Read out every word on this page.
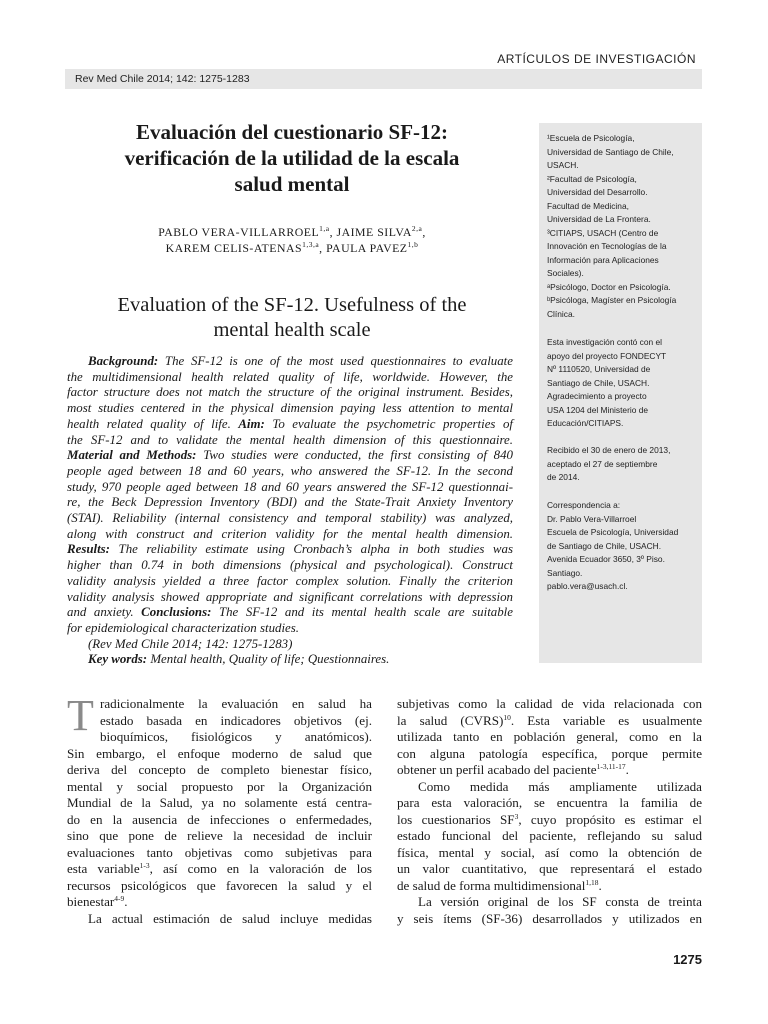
ARTÍCULOS DE INVESTIGACIÓN
Rev Med Chile 2014; 142: 1275-1283
¹Escuela de Psicología,
Universidad de Santiago de Chile,
USACH.
²Facultad de Psicología,
Universidad del Desarrollo.
Facultad de Medicina,
Universidad de La Frontera.
³CITIAPS, USACH (Centro de
Innovación en Tecnologías de la
Información para Aplicaciones
Sociales).
ᵃPsicólogo, Doctor en Psicología.
ᵇPsicóloga, Magíster en Psicología
Clínica.
Esta investigación contó con el
apoyo del proyecto FONDECYT
Nº 1110520, Universidad de
Santiago de Chile, USACH.
Agradecimiento a proyecto
USA 1204 del Ministerio de
Educación/CITIAPS.
Recibido el 30 de enero de 2013,
aceptado el 27 de septiembre
de 2014.
Correspondencia a:
Dr. Pablo Vera-Villarroel
Escuela de Psicología, Universidad
de Santiago de Chile, USACH.
Avenida Ecuador 3650, 3º Piso.
Santiago.
pablo.vera@usach.cl.
Evaluación del cuestionario SF-12:
verificación de la utilidad de la escala
salud mental
PABLO VERA-VILLARROEL$^{1,a}$, JAIME SILVA$^{2,a}$,
KAREM CELIS-ATENAS$^{1,3,a}$, PAULA PAVEZ$^{1,b}$
Evaluation of the SF-12. Usefulness of the
mental health scale
Background: The SF-12 is one of the most used questionnaires to evaluate
the multidimensional health related quality of life, worldwide. However, the
factor structure does not match the structure of the original instrument. Besides,
most studies centered in the physical dimension paying less attention to mental
health related quality of life. Aim: To evaluate the psychometric properties of
the SF-12 and to validate the mental health dimension of this questionnaire.
Material and Methods: Two studies were conducted, the first consisting of 840
people aged between 18 and 60 years, who answered the SF-12. In the second
study, 970 people aged between 18 and 60 years answered the SF-12 questionnai-
re, the Beck Depression Inventory (BDI) and the State-Trait Anxiety Inventory
(STAI). Reliability (internal consistency and temporal stability) was analyzed,
along with construct and criterion validity for the mental health dimension.
Results: The reliability estimate using Cronbach’s alpha in both studies was
higher than 0.74 in both dimensions (physical and psychological). Construct
validity analysis yielded a three factor complex solution. Finally the criterion
validity analysis showed appropriate and significant correlations with depression
and anxiety. Conclusions: The SF-12 and its mental health scale are suitable
for epidemiological characterization studies.
(Rev Med Chile 2014; 142: 1275-1283)
Key words: Mental health, Quality of life; Questionnaires.
T radicionalmente la evaluación en salud ha
estado basada en indicadores objetivos (ej.
bioquímicos, fisiológicos y anatómicos).
Sin embargo, el enfoque moderno de salud que
deriva del concepto de completo bienestar físico,
mental y social propuesto por la Organización
Mundial de la Salud, ya no solamente está centra-
do en la ausencia de infecciones o enfermedades,
sino que pone de relieve la necesidad de incluir
evaluaciones tanto objetivas como subjetivas para
esta variable$^{1-3}$, así como en la valoración de los
recursos psicológicos que favorecen la salud y el
bienestar$^{4-9}$.
La actual estimación de salud incluye medidas
subjetivas como la calidad de vida relacionada con
la salud (CVRS)$^{10}$. Esta variable es usualmente
utilizada tanto en población general, como en la
con alguna patología específica, porque permite
obtener un perfil acabado del paciente$^{1-3,11-17}$.
Como medida más ampliamente utilizada
para esta valoración, se encuentra la familia de
los cuestionarios $SF^3$, cuyo propósito es estimar el
estado funcional del paciente, reflejando su salud
física, mental y social, así como la obtención de
un valor cuantitativo, que representará el estado
de salud de forma multidimensional$^{1,18}$.
La versión original de los SF consta de treinta
y seis ítems (SF-36) desarrollados y utilizados en
1275
